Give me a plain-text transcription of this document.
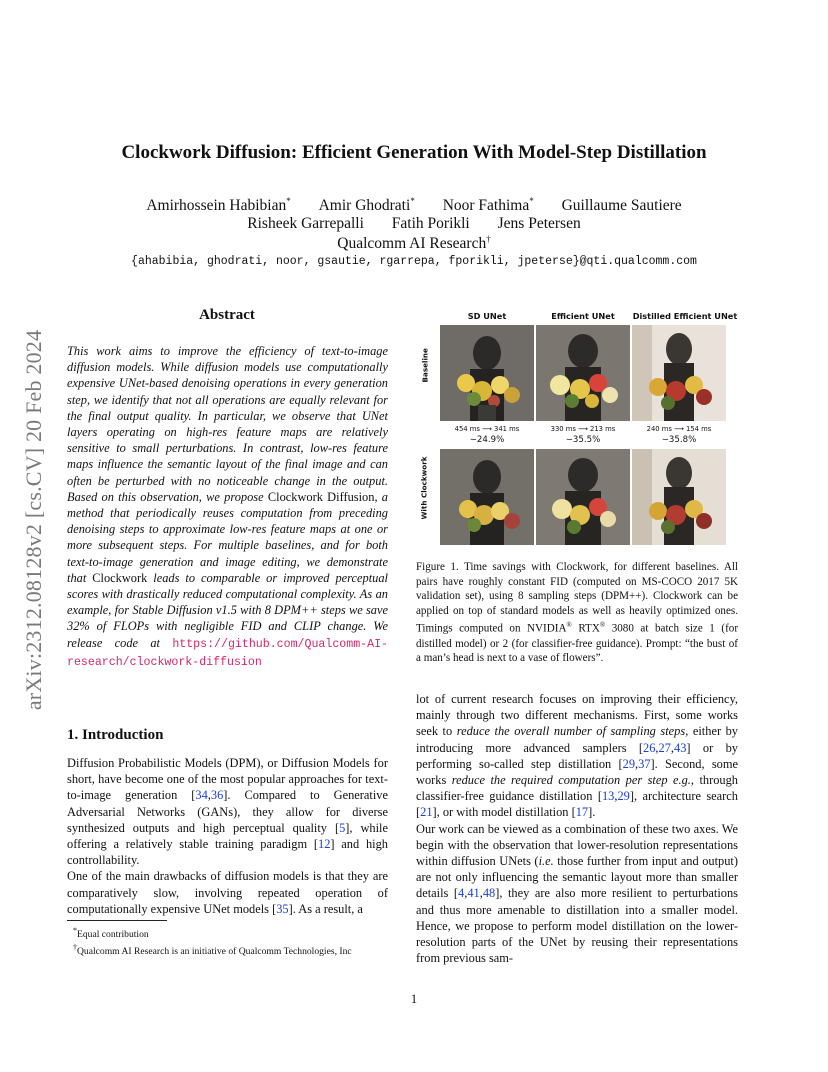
arXiv:2312.08128v2 [cs.CV] 20 Feb 2024
Clockwork Diffusion: Efficient Generation With Model-Step Distillation
Amirhossein Habibian* Amir Ghodrati* Noor Fathima* Guillaume Sautiere
Risheek Garrepalli Fatih Porikli Jens Petersen
Qualcomm AI Research†
{ahabibia, ghodrati, noor, gsautie, rgarrepa, fporikli, jpeterse}@qti.qualcomm.com
Abstract
This work aims to improve the efficiency of text-to-image diffusion models. While diffusion models use computationally expensive UNet-based denoising operations in every generation step, we identify that not all operations are equally relevant for the final output quality. In particular, we observe that UNet layers operating on high-res feature maps are relatively sensitive to small perturbations. In contrast, low-res feature maps influence the semantic layout of the final image and can often be perturbed with no noticeable change in the output. Based on this observation, we propose Clockwork Diffusion, a method that periodically reuses computation from preceding denoising steps to approximate low-res feature maps at one or more subsequent steps. For multiple baselines, and for both text-to-image generation and image editing, we demonstrate that Clockwork leads to comparable or improved perceptual scores with drastically reduced computational complexity. As an example, for Stable Diffusion v1.5 with 8 DPM++ steps we save 32% of FLOPs with negligible FID and CLIP change. We release code at https://github.com/Qualcomm-AI-research/clockwork-diffusion
1. Introduction

Diffusion Probabilistic Models (DPM), or Diffusion Models for short, have become one of the most popular approaches for text-to-image generation [34,36]. Compared to Generative Adversarial Networks (GANs), they allow for diverse synthesized outputs and high perceptual quality [5], while offering a relatively stable training paradigm [12] and high controllability.

One of the main drawbacks of diffusion models is that they are comparatively slow, involving repeated operation of computationally expensive UNet models [35]. As a result, a

*Equal contribution

†Qualcomm AI Research is an initiative of Qualcomm Technologies, Inc

SD UNet	Efficient UNet	Distilled Efficient UNet
Baseline
With Clockwork
454 ms ⟶ 341 ms	330 ms ⟶ 213 ms	240 ms ⟶ 154 ms
−24.9%	−35.5%	−35.8%
Figure 1. Time savings with Clockwork, for different baselines. All pairs have roughly constant FID (computed on MS-COCO 2017 5K validation set), using 8 sampling steps (DPM++). Clockwork can be applied on top of standard models as well as heavily optimized ones. Timings computed on NVIDIA® RTX® 3080 at batch size 1 (for distilled model) or 2 (for classifier-free guidance). Prompt: “the bust of a man’s head is next to a vase of flowers”.

lot of current research focuses on improving their efficiency, mainly through two different mechanisms. First, some works seek to reduce the overall number of sampling steps, either by introducing more advanced samplers [26,27,43] or by performing so-called step distillation [29,37]. Second, some works reduce the required computation per step e.g., through classifier-free guidance distillation [13,29], architecture search [21], or with model distillation [17].

Our work can be viewed as a combination of these two axes. We begin with the observation that lower-resolution representations within diffusion UNets (i.e. those further from input and output) are not only influencing the semantic layout more than smaller details [4,41,48], they are also more resilient to perturbations and thus more amenable to distillation into a smaller model. Hence, we propose to perform model distillation on the lower-resolution parts of the UNet by reusing their representations from previous sam-

1
